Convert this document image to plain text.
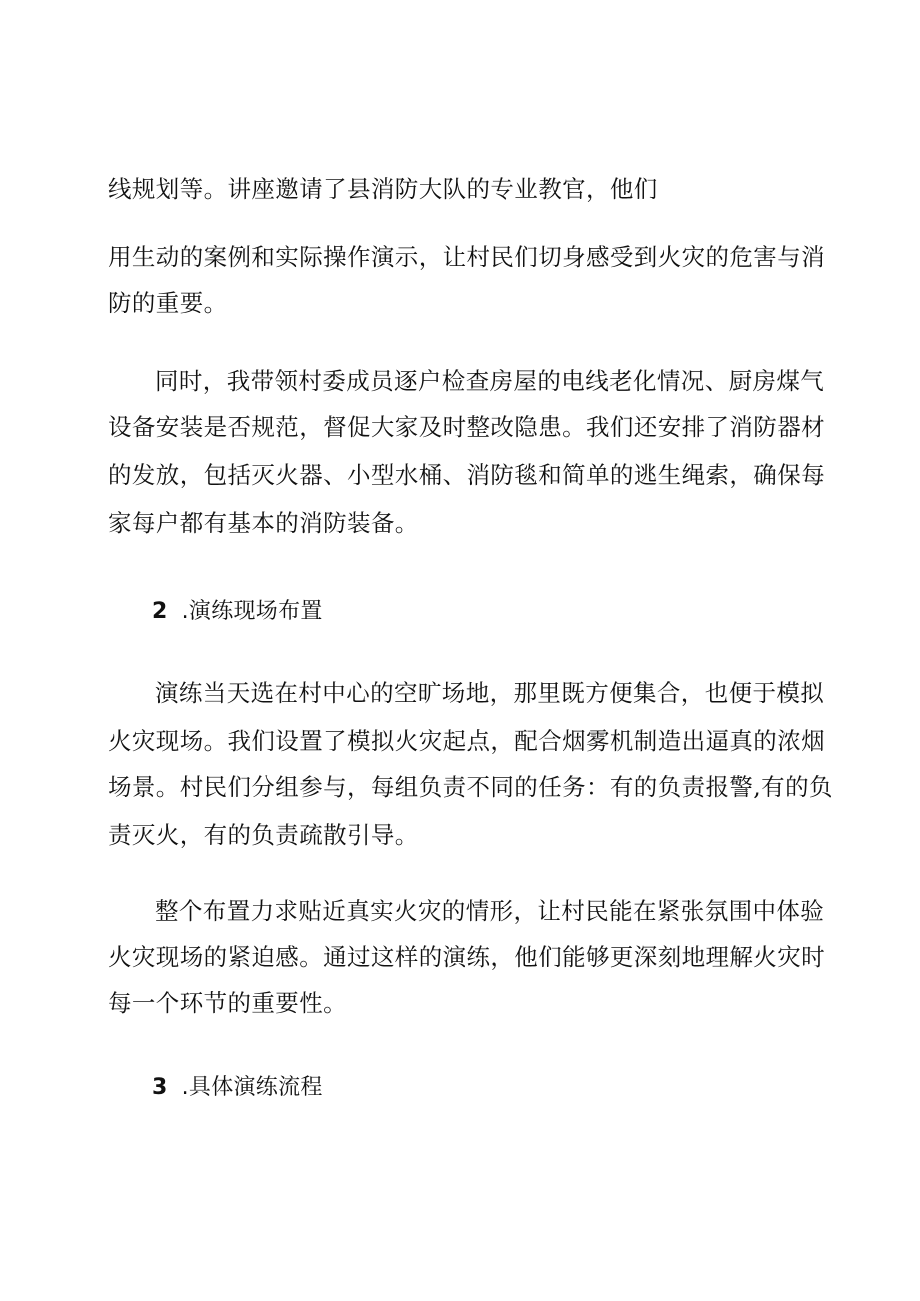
线规划等。讲座邀请了县消防大队的专业教官，他们
用生动的案例和实际操作演示，让村民们切身感受到火灾的危害与消
防的重要。
同时，我带领村委成员逐户检查房屋的电线老化情况、厨房煤气
设备安装是否规范，督促大家及时整改隐患。我们还安排了消防器材
的发放，包括灭火器、小型水桶、消防毯和简单的逃生绳索，确保每
家每户都有基本的消防装备。
2 .演练现场布置
演练当天选在村中心的空旷场地，那里既方便集合，也便于模拟
火灾现场。我们设置了模拟火灾起点，配合烟雾机制造出逼真的浓烟
场景。村民们分组参与，每组负责不同的任务：有的负责报警,有的负
责灭火，有的负责疏散引导。
整个布置力求贴近真实火灾的情形，让村民能在紧张氛围中体验
火灾现场的紧迫感。通过这样的演练，他们能够更深刻地理解火灾时
每一个环节的重要性。
3 .具体演练流程
